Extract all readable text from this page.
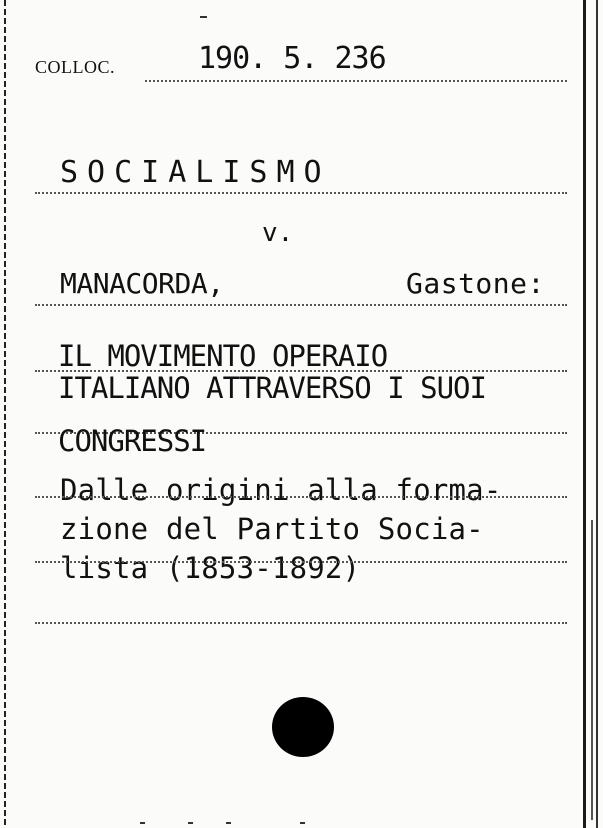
COLLOC.	190. 5. 236
SOCIALISMO
v.
MANACORDA,	Gastone:
IL MOVIMENTO OPERAIO
ITALIANO ATTRAVERSO I SUOI
CONGRESSI
Dalle origini alla forma-
zione del Partito Socia-
lista (1853-1892)
